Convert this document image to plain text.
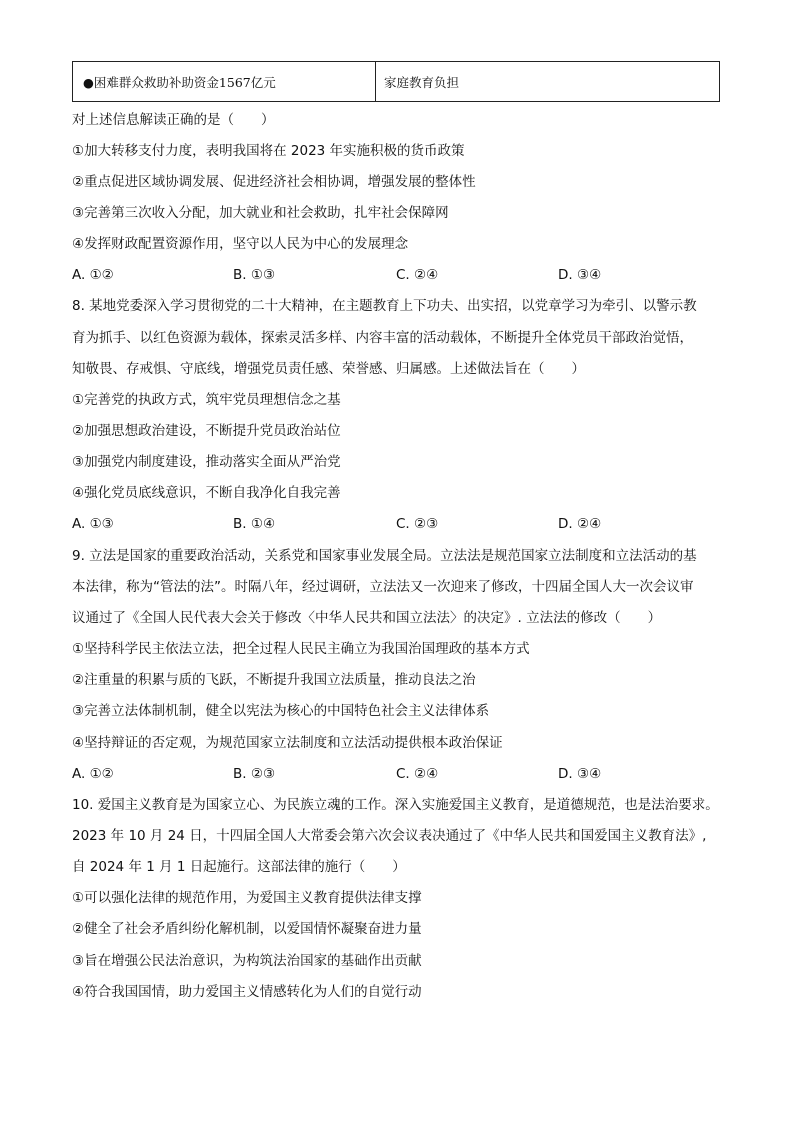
●困难群众救助补助资金1567亿元	家庭教育负担
对上述信息解读正确的是（　　）
①加大转移支付力度，表明我国将在 2023 年实施积极的货币政策
②重点促进区域协调发展、促进经济社会相协调，增强发展的整体性
③完善第三次收入分配，加大就业和社会救助，扎牢社会保障网
④发挥财政配置资源作用，坚守以人民为中心的发展理念
A. ①②	B. ①③	C. ②④	D. ③④
8. 某地党委深入学习贯彻党的二十大精神，在主题教育上下功夫、出实招，以党章学习为牵引、以警示教
育为抓手、以红色资源为载体，探索灵活多样、内容丰富的活动载体，不断提升全体党员干部政治觉悟，
知敬畏、存戒惧、守底线，增强党员责任感、荣誉感、归属感。上述做法旨在（　　）
①完善党的执政方式，筑牢党员理想信念之基
②加强思想政治建设，不断提升党员政治站位
③加强党内制度建设，推动落实全面从严治党
④强化党员底线意识，不断自我净化自我完善
A. ①③	B. ①④	C. ②③	D. ②④
9. 立法是国家的重要政治活动，关系党和国家事业发展全局。立法法是规范国家立法制度和立法活动的基
本法律，称为“管法的法”。时隔八年，经过调研，立法法又一次迎来了修改，十四届全国人大一次会议审
议通过了《全国人民代表大会关于修改〈中华人民共和国立法法〉的决定》. 立法法的修改（　　）
①坚持科学民主依法立法，把全过程人民民主确立为我国治国理政的基本方式
②注重量的积累与质的飞跃，不断提升我国立法质量，推动良法之治
③完善立法体制机制，健全以宪法为核心的中国特色社会主义法律体系
④坚持辩证的否定观，为规范国家立法制度和立法活动提供根本政治保证
A. ①②	B. ②③	C. ②④	D. ③④
10. 爱国主义教育是为国家立心、为民族立魂的工作。深入实施爱国主义教育，是道德规范，也是法治要求。
2023 年 10 月 24 日，十四届全国人大常委会第六次会议表决通过了《中华人民共和国爱国主义教育法》,
自 2024 年 1 月 1 日起施行。这部法律的施行（　　）
①可以强化法律的规范作用，为爱国主义教育提供法律支撑
②健全了社会矛盾纠纷化解机制，以爱国情怀凝聚奋进力量
③旨在增强公民法治意识，为构筑法治国家的基础作出贡献
④符合我国国情，助力爱国主义情感转化为人们的自觉行动
